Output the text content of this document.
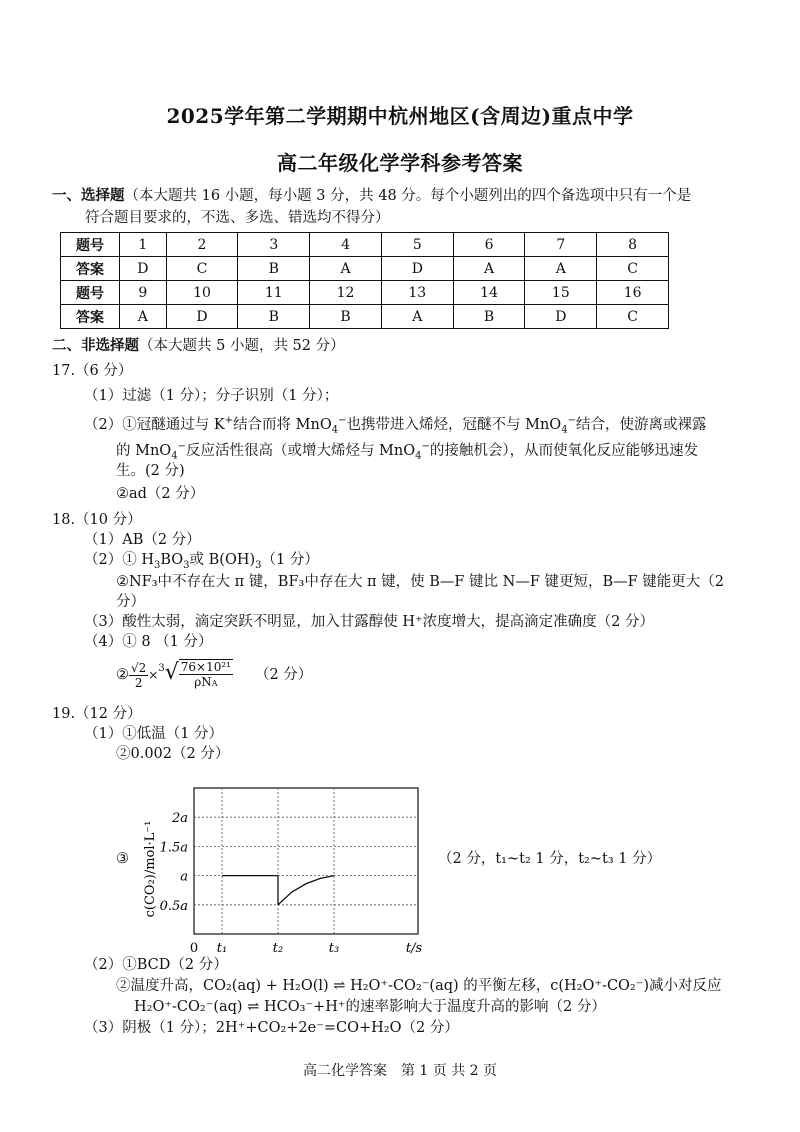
2025学年第二学期期中杭州地区(含周边)重点中学
高二年级化学学科参考答案
一、选择题（本大题共 16 小题，每小题 3 分，共 48 分。每个小题列出的四个备选项中只有一个是
符合题目要求的，不选、多选、错选均不得分）
题号	1	2	3	4	5	6	7	8
答案	D	C	B	A	D	A	A	C
题号	9	10	11	12	13	14	15	16
答案	A	D	B	B	A	B	D	C
二、非选择题（本大题共 5 小题，共 52 分）
17.（6 分）
（1）过滤（1 分）；分子识别（1 分）；
（2）①冠醚通过与 K+结合而将 MnO$_4$−也携带进入烯烃，冠醚不与 MnO$_4$−结合，使游离或裸露
的 MnO$_4$−反应活性很高（或增大烯烃与 MnO$_4$−的接触机会），从而使氧化反应能够迅速发
生。(2 分)
②ad（2 分）
18.（10 分）
（1）AB（2 分）
（2）① $H_3BO_3$或 $B(OH)_3(1$ 分）
②NF₃中不存在大 π 键，BF₃中存在大 π 键，使 B—F 键比 N—F 键更短，B—F 键能更大（2
分）
（3）酸性太弱，滴定突跃不明显，加入甘露醇使 H⁺浓度增大，提高滴定准确度（2 分）
（4）① 8 （1 分）
② $\frac{√2}{2} \times^3√ \frac{\text{76×10²¹}}{\text{ρNA}} (2$ 分）
19.（12 分）
（1）①低温（1 分）
②0.002（2 分）
③
0.5a
a
1.5a
2a
t₁	t₂	t₃
0	t/s
c(CO₂)/mol·L⁻¹	（2 分，t₁~t₂ 1 分，t₂~t₃ 1 分）
（2）①BCD（2 分）
②温度升高，CO₂(aq) + H₂O(l) ⇌ H₂O⁺-CO₂⁻(aq) 的平衡左移，c(H₂O⁺-CO₂⁻)减小对反应
H₂O⁺-CO₂⁻(aq) ⇌ HCO₃⁻+H⁺的速率影响大于温度升高的影响（2 分）
（3）阴极（1 分）；2H⁺+CO₂+2e⁻=CO+H₂O（2 分）
高二化学答案　第 1 页 共 2 页
